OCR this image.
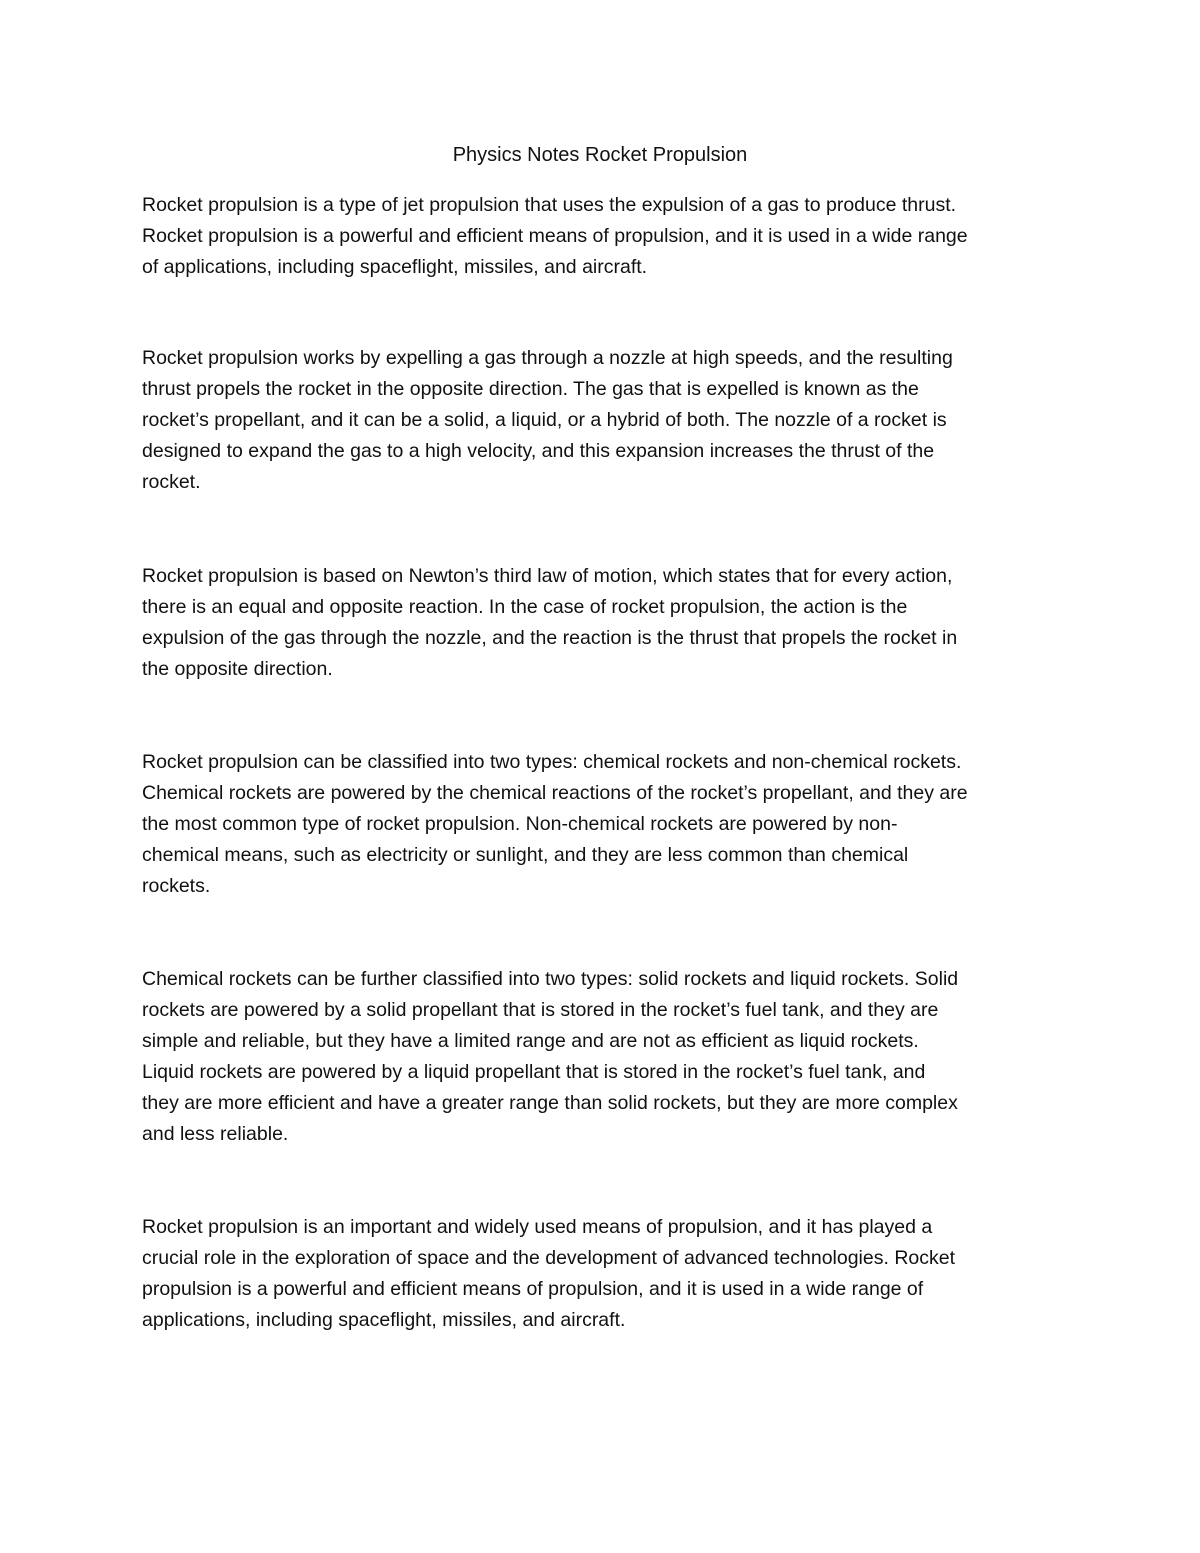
Physics Notes Rocket Propulsion

Rocket propulsion is a type of jet propulsion that uses the expulsion of a gas to produce thrust.
Rocket propulsion is a powerful and efficient means of propulsion, and it is used in a wide range
of applications, including spaceflight, missiles, and aircraft.

Rocket propulsion works by expelling a gas through a nozzle at high speeds, and the resulting
thrust propels the rocket in the opposite direction. The gas that is expelled is known as the
rocket’s propellant, and it can be a solid, a liquid, or a hybrid of both. The nozzle of a rocket is
designed to expand the gas to a high velocity, and this expansion increases the thrust of the
rocket.

Rocket propulsion is based on Newton’s third law of motion, which states that for every action,
there is an equal and opposite reaction. In the case of rocket propulsion, the action is the
expulsion of the gas through the nozzle, and the reaction is the thrust that propels the rocket in
the opposite direction.

Rocket propulsion can be classified into two types: chemical rockets and non-chemical rockets.
Chemical rockets are powered by the chemical reactions of the rocket’s propellant, and they are
the most common type of rocket propulsion. Non-chemical rockets are powered by non-
chemical means, such as electricity or sunlight, and they are less common than chemical
rockets.

Chemical rockets can be further classified into two types: solid rockets and liquid rockets. Solid
rockets are powered by a solid propellant that is stored in the rocket’s fuel tank, and they are
simple and reliable, but they have a limited range and are not as efficient as liquid rockets.
Liquid rockets are powered by a liquid propellant that is stored in the rocket’s fuel tank, and
they are more efficient and have a greater range than solid rockets, but they are more complex
and less reliable.

Rocket propulsion is an important and widely used means of propulsion, and it has played a
crucial role in the exploration of space and the development of advanced technologies. Rocket
propulsion is a powerful and efficient means of propulsion, and it is used in a wide range of
applications, including spaceflight, missiles, and aircraft.
